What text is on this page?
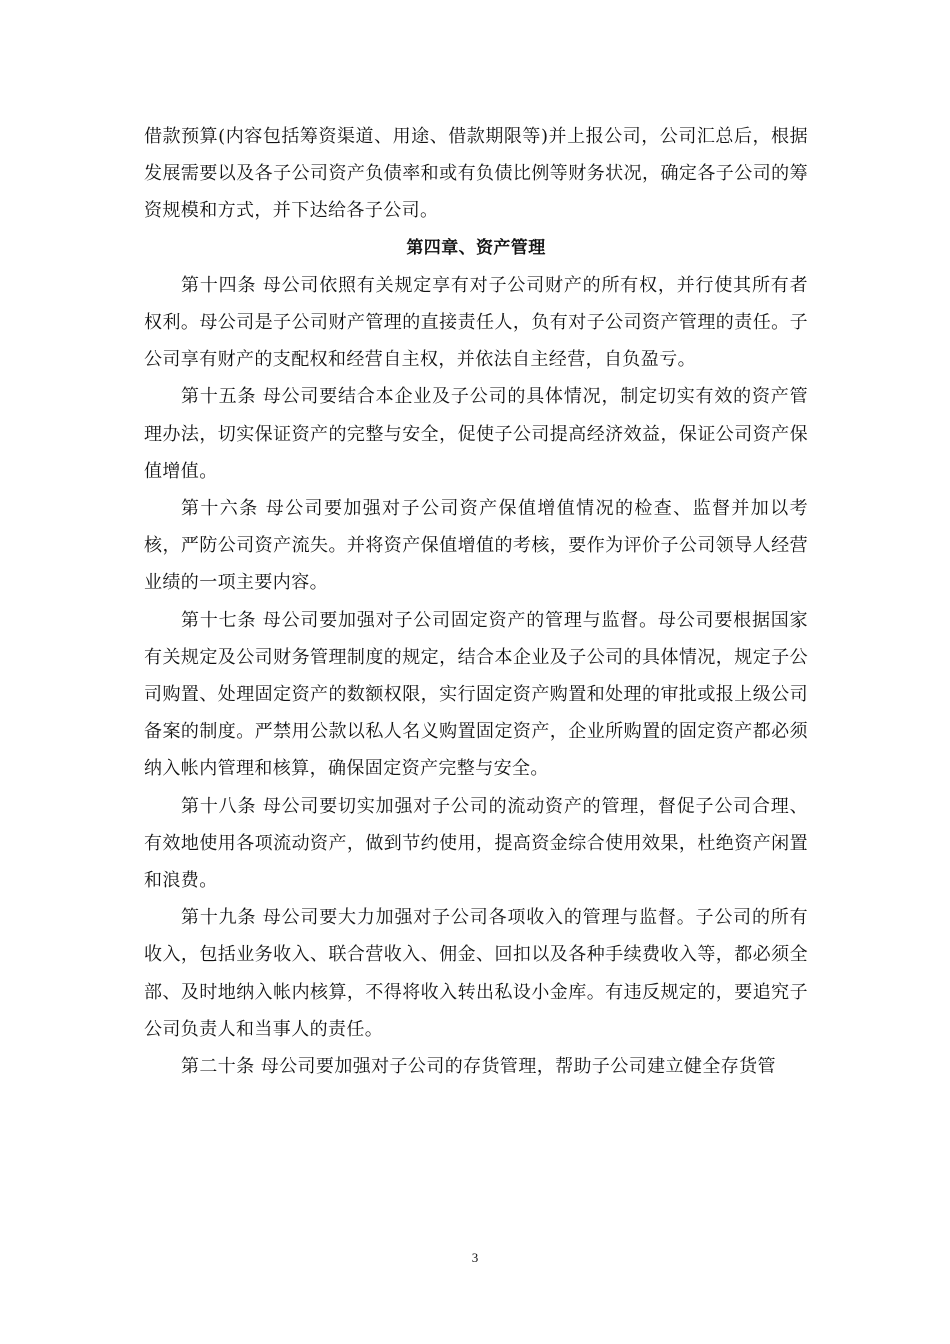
借款预算(内容包括筹资渠道、用途、借款期限等)并上报公司，公司汇总后，根据发展需要以及各子公司资产负债率和或有负债比例等财务状况，确定各子公司的筹资规模和方式，并下达给各子公司。

第四章、资产管理

第十四条 母公司依照有关规定享有对子公司财产的所有权，并行使其所有者权利。母公司是子公司财产管理的直接责任人，负有对子公司资产管理的责任。子公司享有财产的支配权和经营自主权，并依法自主经营，自负盈亏。

第十五条 母公司要结合本企业及子公司的具体情况，制定切实有效的资产管理办法，切实保证资产的完整与安全，促使子公司提高经济效益，保证公司资产保值增值。

第十六条 母公司要加强对子公司资产保值增值情况的检查、监督并加以考核，严防公司资产流失。并将资产保值增值的考核，要作为评价子公司领导人经营业绩的一项主要内容。

第十七条 母公司要加强对子公司固定资产的管理与监督。母公司要根据国家有关规定及公司财务管理制度的规定，结合本企业及子公司的具体情况，规定子公司购置、处理固定资产的数额权限，实行固定资产购置和处理的审批或报上级公司备案的制度。严禁用公款以私人名义购置固定资产，企业所购置的固定资产都必须纳入帐内管理和核算，确保固定资产完整与安全。

第十八条 母公司要切实加强对子公司的流动资产的管理，督促子公司合理、有效地使用各项流动资产，做到节约使用，提高资金综合使用效果，杜绝资产闲置和浪费。

第十九条 母公司要大力加强对子公司各项收入的管理与监督。子公司的所有收入，包括业务收入、联合营收入、佣金、回扣以及各种手续费收入等，都必须全部、及时地纳入帐内核算，不得将收入转出私设小金库。有违反规定的，要追究子公司负责人和当事人的责任。

第二十条 母公司要加强对子公司的存货管理，帮助子公司建立健全存货管

3
